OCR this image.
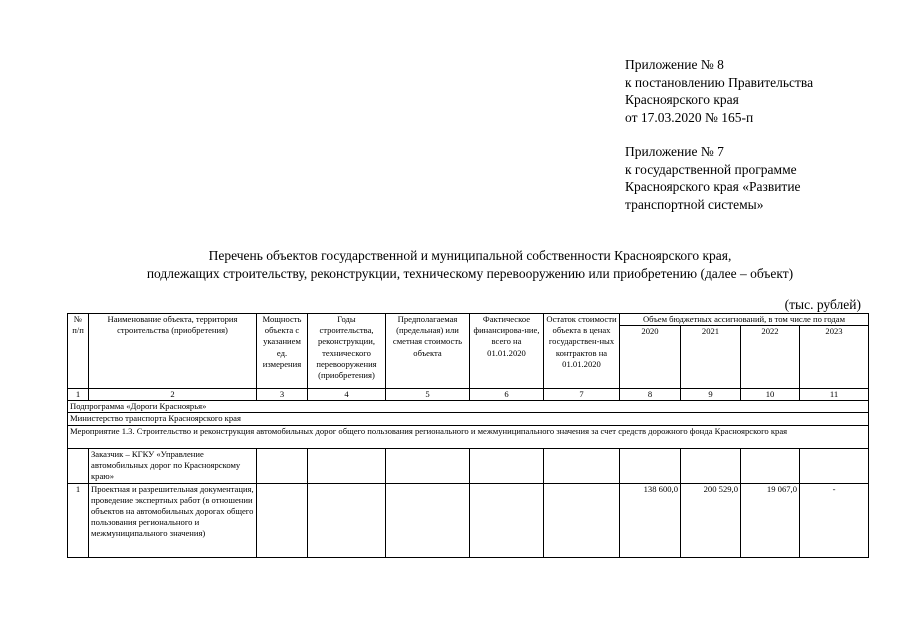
Приложение № 8
к постановлению Правительства
Красноярского края
от 17.03.2020 № 165-п
Приложение № 7
к государственной программе
Красноярского края «Развитие
транспортной системы»
Перечень объектов государственной и муниципальной собственности Красноярского края,
подлежащих строительству, реконструкции, техническому перевооружению или приобретению (далее – объект)
(тыс. рублей)
№ п/п	Наименование объекта, территория строительства (приобретения)	Мощность объекта с указанием ед. измерения	Годы строительства, реконструкции, технического перевооружения (приобретения)	Предполагаемая (предельная) или сметная стоимость объекта	Фактическое финансирова-ние, всего на 01.01.2020	Остаток стоимости объекта в ценах государствен-ных контрактов на 01.01.2020	Объем бюджетных ассигнований, в том числе по годам			
							2020	2021	2022	2023
1	2	3	4	5	6	7	8	9	10	11
Подпрограмма «Дороги Красноярья»										
Министерство транспорта Красноярского края										
Мероприятие 1.3. Строительство и реконструкция автомобильных дорог общего пользования регионального и межмуниципального значения за счет средств дорожного фонда Красноярского края										
	Заказчик – КГКУ «Управление автомобильных дорог по Красноярскому краю»									
1	Проектная и разрешительная документация, проведение экспертных работ (в отношении объектов на автомобильных дорогах общего пользования регионального и межмуниципального значения)						138 600,0	200 529,0	19 067,0	-
